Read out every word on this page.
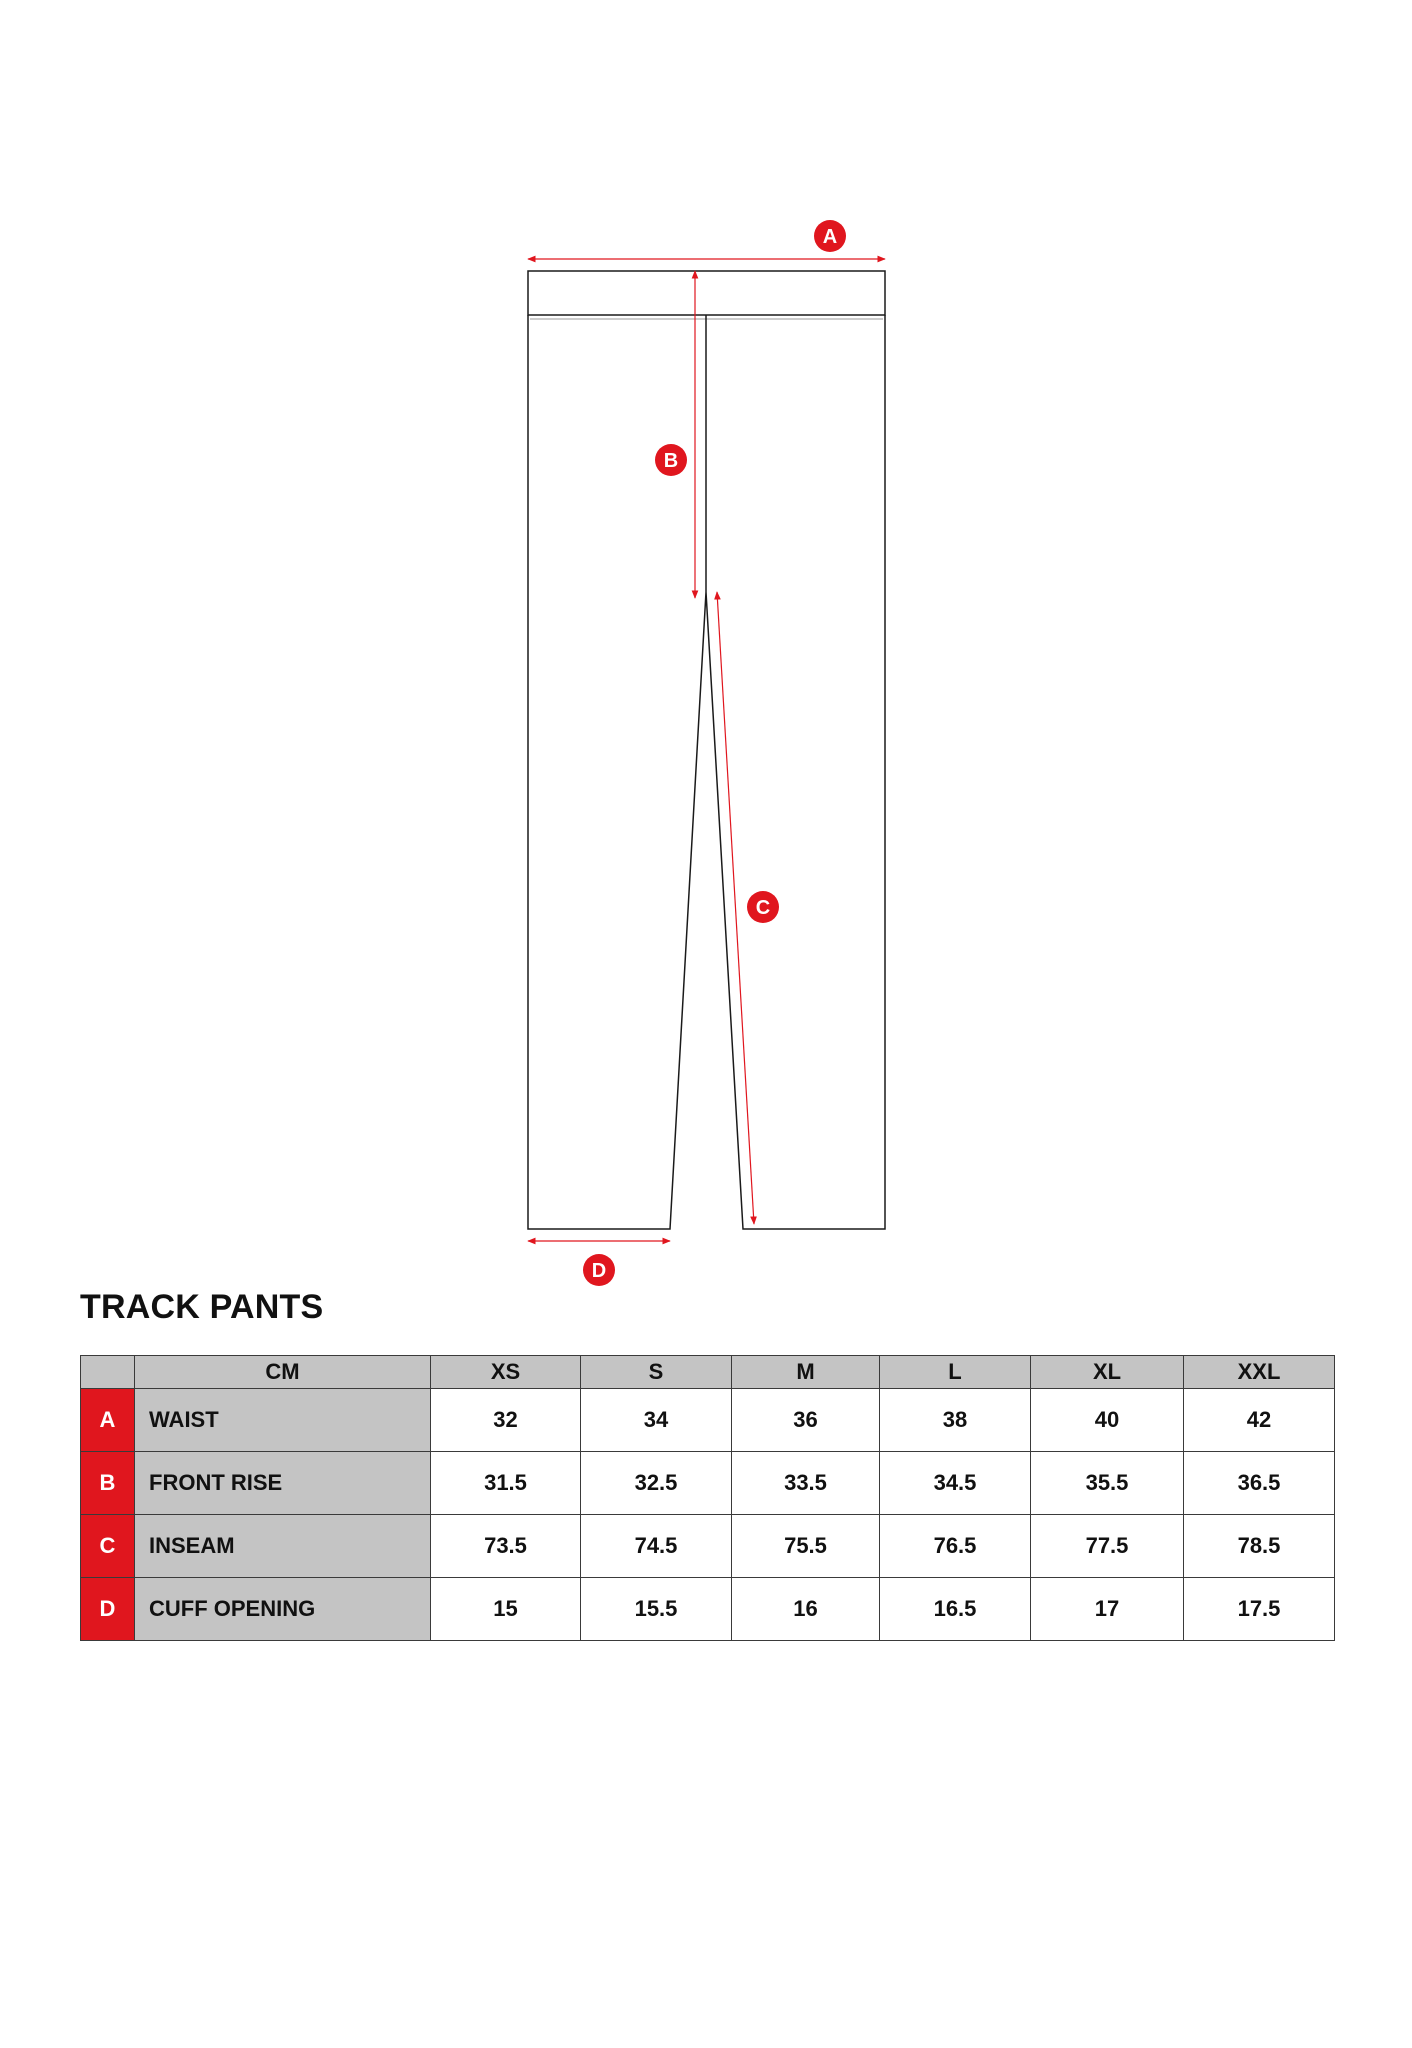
A
B
C
D
TRACK PANTS
	CM	XS	S	M	L	XL	XXL
A	WAIST	32	34	36	38	40	42
B	FRONT RISE	31.5	32.5	33.5	34.5	35.5	36.5
C	INSEAM	73.5	74.5	75.5	76.5	77.5	78.5
D	CUFF OPENING	15	15.5	16	16.5	17	17.5
